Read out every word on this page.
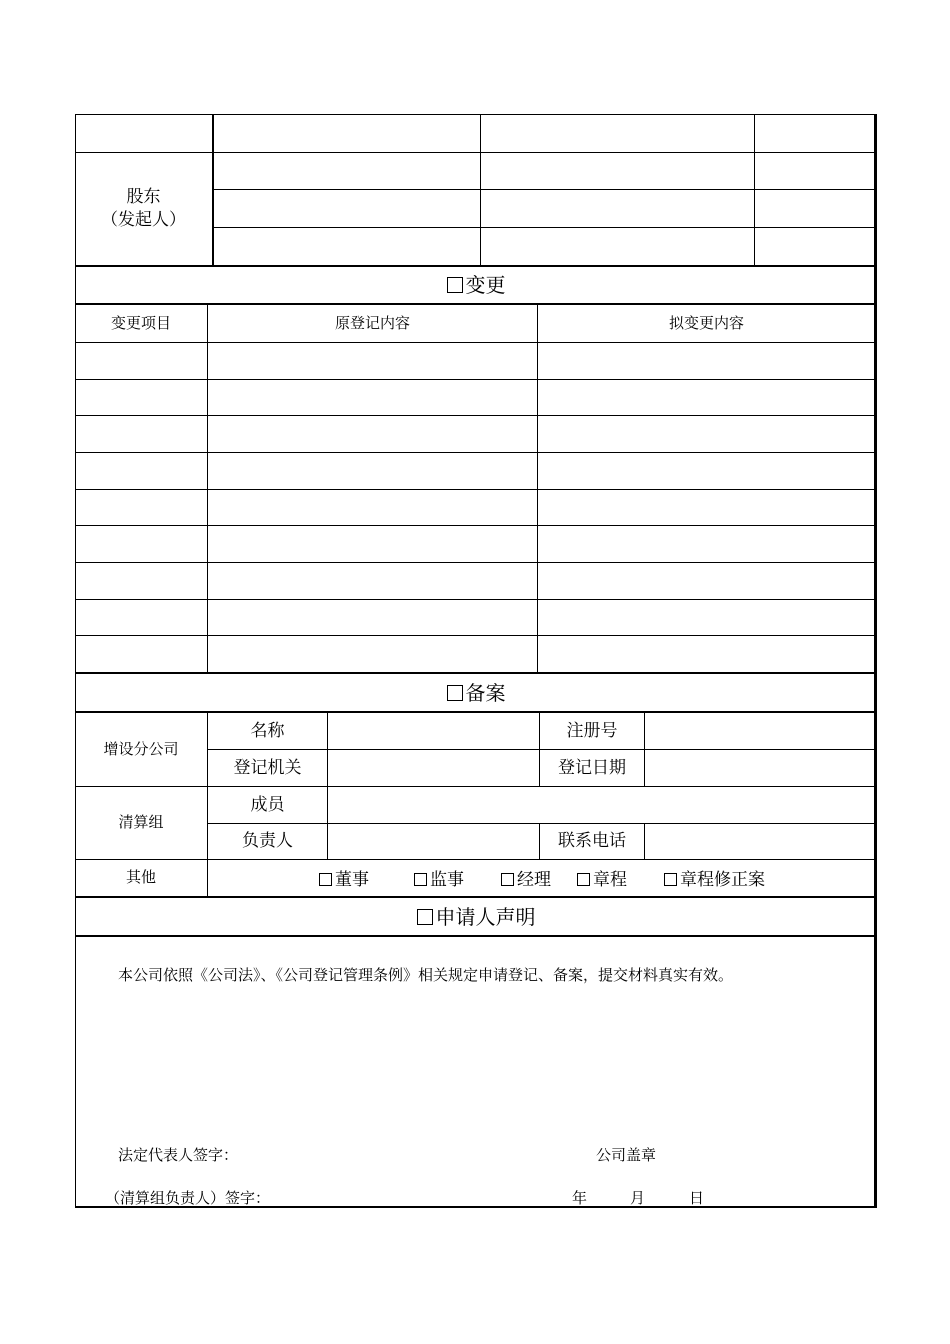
股东
（发起人）
变更
变更项目	原登记内容	拟变更内容
备案
增设分公司
名称	注册号
登记机关	登记日期
清算组
成员
负责人	联系电话
其他	董事	监事	经理	章程	章程修正案
申请人声明
本公司依照《公司法》、《公司登记管理条例》相关规定申请登记、备案，提交材料真实有效。
法定代表人签字：	公司盖章
（清算组负责人）签字：	年	月	日
